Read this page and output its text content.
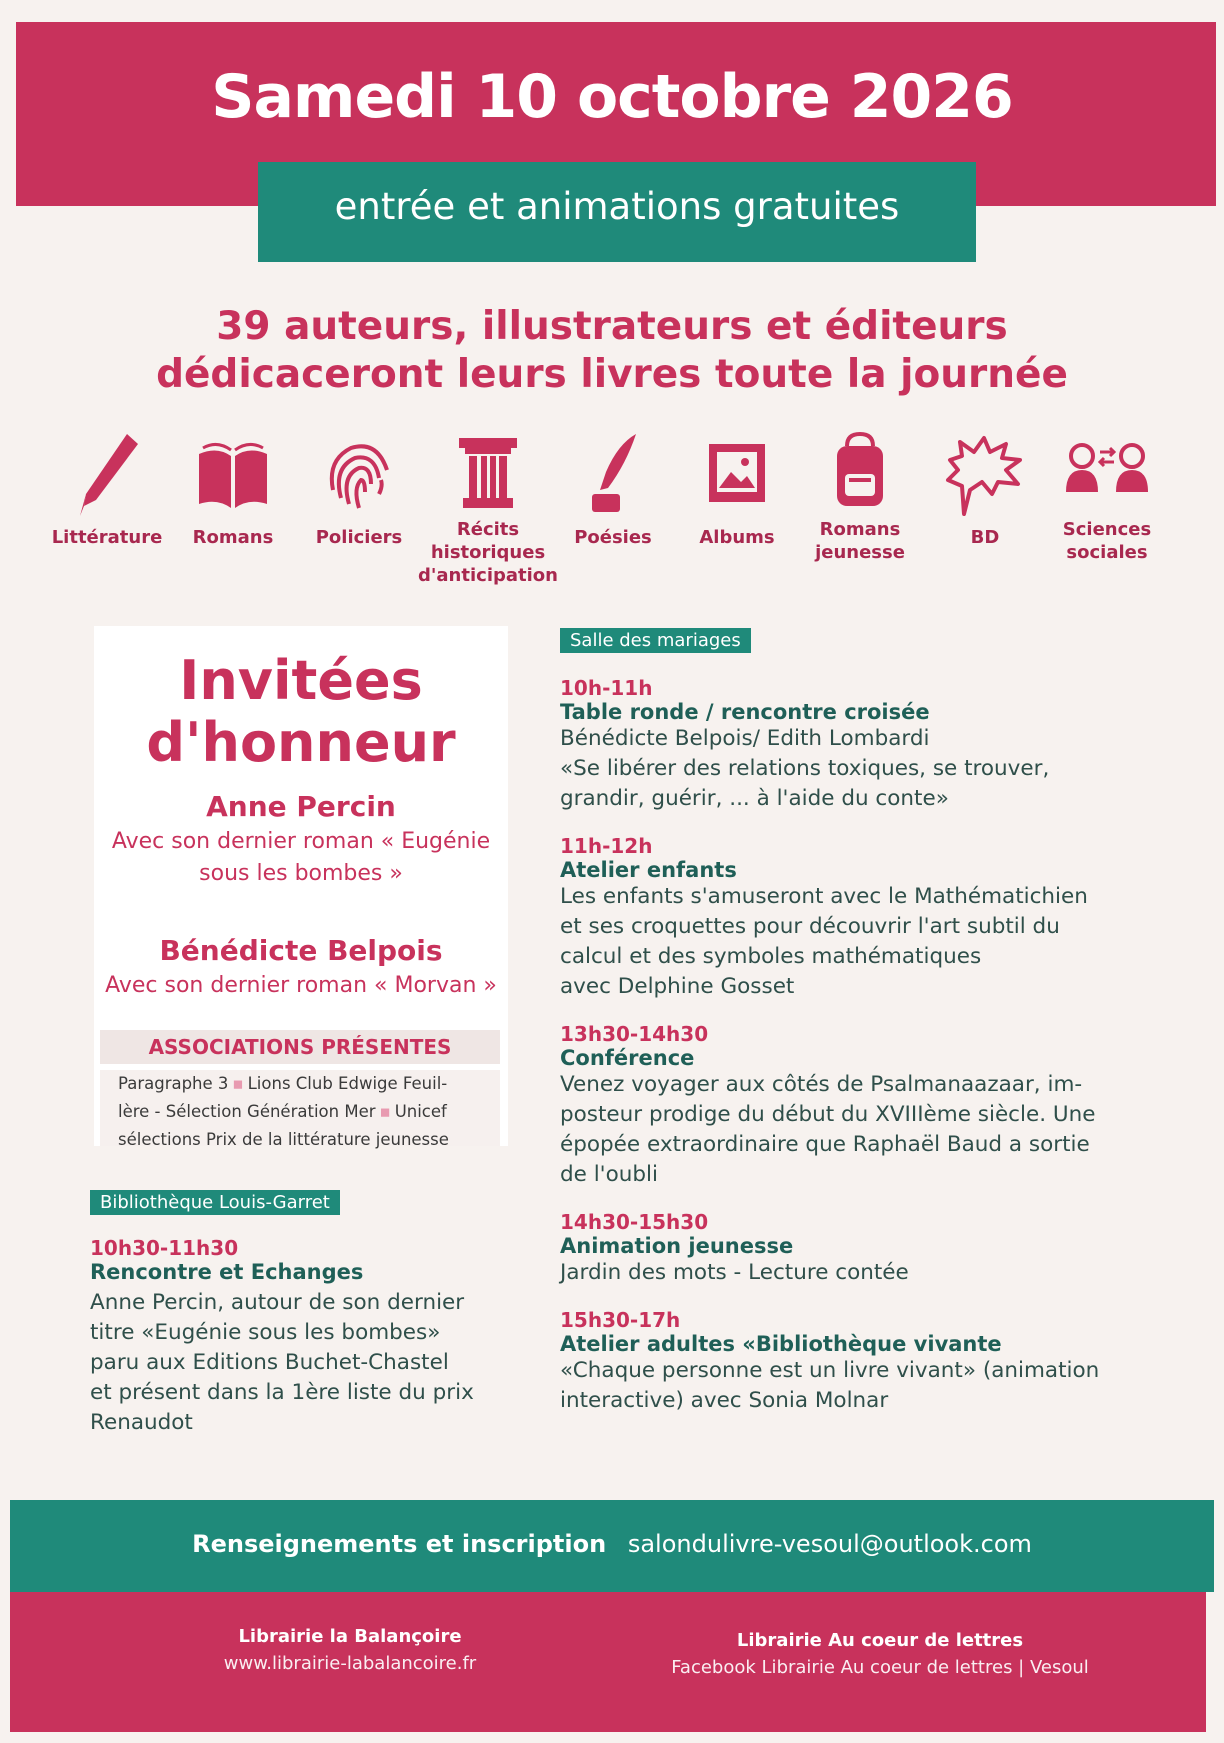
Samedi 10 octobre 2026
entrée et animations gratuites
39 auteurs, illustrateurs et éditeurs
dédicaceront leurs livres toute la journée
Littérature	Romans	Policiers	Récits historiques d'anticipation
Poésies	Albums	Romans jeunesse
BD	Sciences sociales
Invitées
d'honneur
Anne Percin
Avec son dernier roman « Eugénie
sous les bombes »
Bénédicte Belpois
Avec son dernier roman « Morvan »
ASSOCIATIONS PRÉSENTES
Paragraphe 3 ▪ Lions Club Edwige Feuil-
lère - Sélection Génération Mer ▪ Unicef
sélections Prix de la littérature jeunesse
Bibliothèque Louis-Garret
10h30-11h30
Rencontre et Echanges
Anne Percin, autour de son dernier
titre «Eugénie sous les bombes»
paru aux Editions Buchet-Chastel
et présent dans la 1ère liste du prix
Renaudot
Salle des mariages
10h-11h
Table ronde / rencontre croisée
Bénédicte Belpois/ Edith Lombardi
«Se libérer des relations toxiques, se trouver,
grandir, guérir, ... à l'aide du conte»
11h-12h
Atelier enfants
Les enfants s'amuseront avec le Mathématichien
et ses croquettes pour découvrir l'art subtil du
calcul et des symboles mathématiques
avec Delphine Gosset
13h30-14h30
Conférence
Venez voyager aux côtés de Psalmanaazaar, im-
posteur prodige du début du XVIIIème siècle. Une
épopée extraordinaire que Raphaël Baud a sortie
de l'oubli
14h30-15h30
Animation jeunesse
Jardin des mots - Lecture contée
15h30-17h
Atelier adultes «Bibliothèque vivante
«Chaque personne est un livre vivant» (animation
interactive) avec Sonia Molnar
Renseignements et inscription salondulivre-vesoul@outlook.com
Librairie la Balançoire
www.librairie-labalancoire.fr
Librairie Au coeur de lettres
Facebook Librairie Au coeur de lettres | Vesoul
